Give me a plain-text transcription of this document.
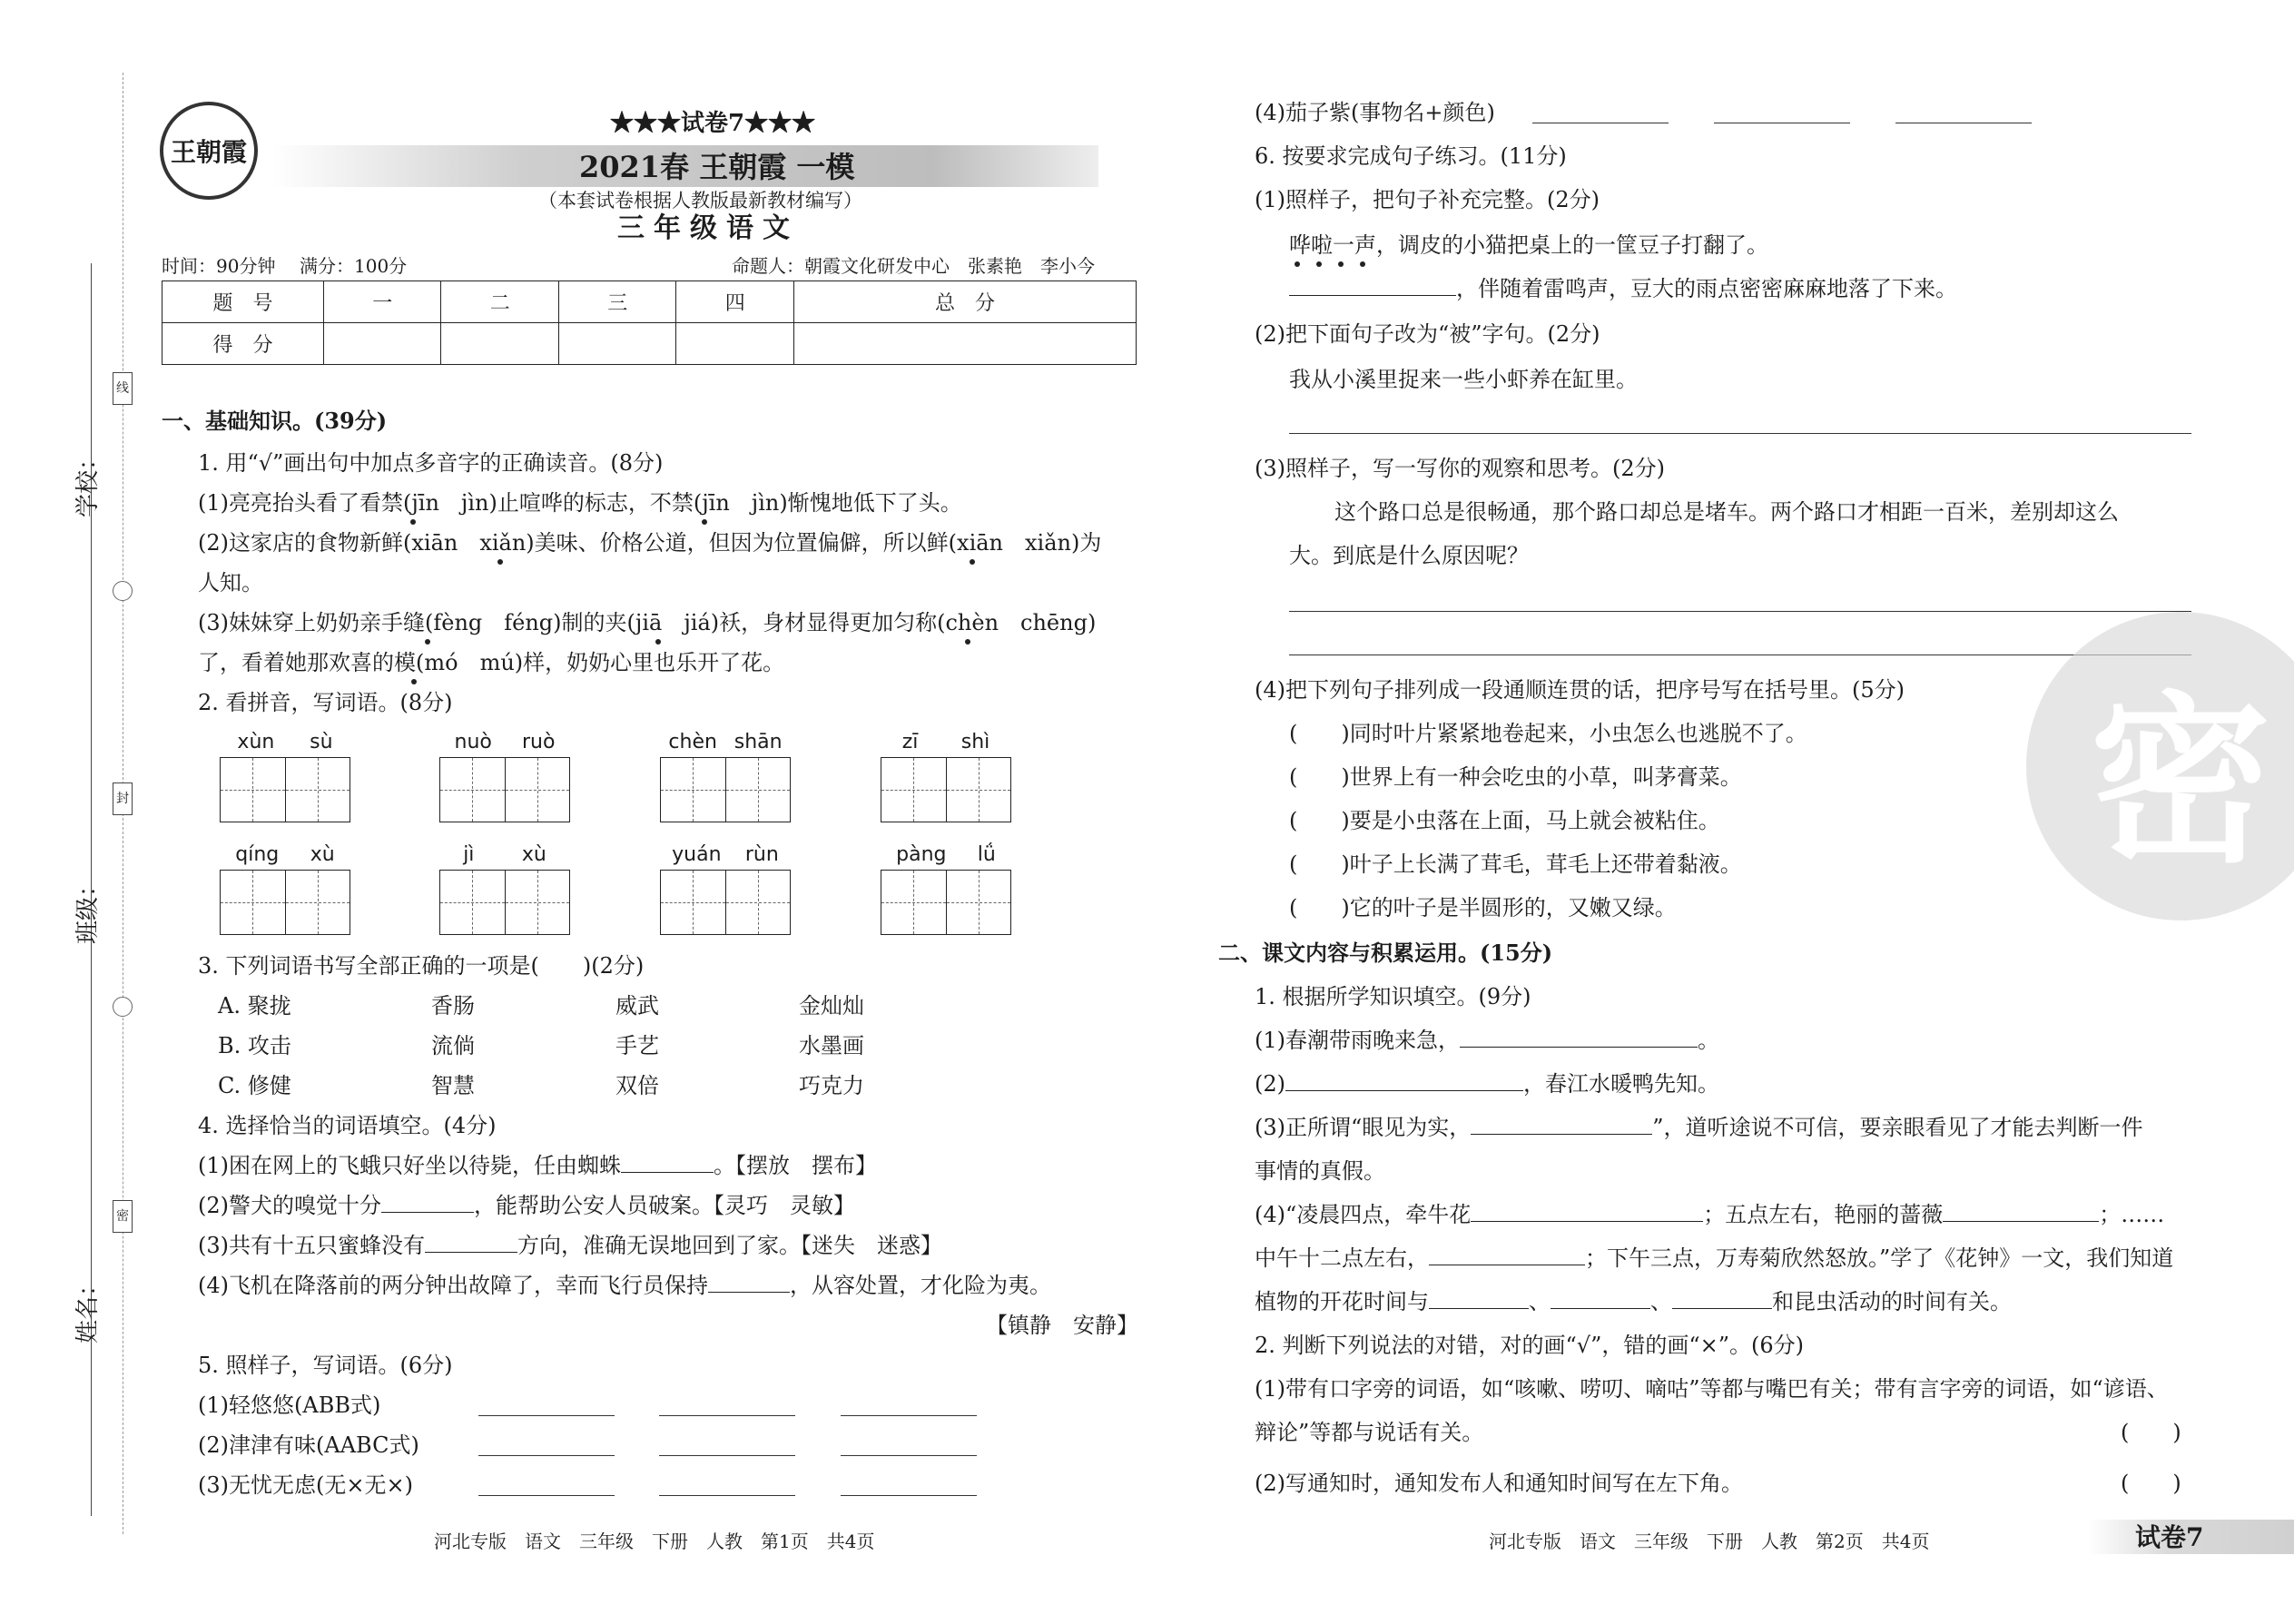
线
封
密
学校：
班级：
姓名：
王朝霞
★★★试卷7★★★
2021春 王朝霞 一模
（本套试卷根据人教版最新教材编写）
三年级语文
时间：90分钟 满分：100分	命题人：朝霞文化研发中心　张素艳　李小今
题　号	一	二	三	四	总　分
得　分					
一、基础知识。(39分)
1. 用“√”画出句中加点多音字的正确读音。(8分)
(1)亮亮抬头看了看禁(jīn　jìn)止喧哗的标志，不禁(jīn　jìn)惭愧地低下了头。
(2)这家店的食物新鲜(xiān　xiǎn)美味、价格公道，但因为位置偏僻，所以鲜(xiān　xiǎn)为
人知。
(3)妹妹穿上奶奶亲手缝(fèng　féng)制的夹(jiā　jiá)袄，身材显得更加匀称(chèn　chēng)
了，看着她那欢喜的模(mó　mú)样，奶奶心里也乐开了花。
2. 看拼音，写词语。(8分)
xùn sù	nuò ruò	chèn shān	zī shì
qíng xù	jì xù	yuán rùn	pàng lǘ
3. 下列词语书写全部正确的一项是(　　)(2分)
A. 聚拢	香肠	威武	金灿灿
B. 攻击	流倘	手艺	水墨画
C. 修健	智慧	双倍	巧克力
4. 选择恰当的词语填空。(4分)
(1)困在网上的飞蛾只好坐以待毙，任由蜘蛛	。【摆放　摆布】
(2)警犬的嗅觉十分	，能帮助公安人员破案。【灵巧　灵敏】
(3)共有十五只蜜蜂没有	方向，准确无误地回到了家。【迷失　迷惑】
(4)飞机在降落前的两分钟出故障了，幸而飞行员保持	，从容处置，才化险为夷。
【镇静　安静】
5. 照样子，写词语。(6分)
(1)轻悠悠(ABB式)
(2)津津有味(AABC式)
(3)无忧无虑(无×无×)
河北专版　语文　三年级　下册　人教　第1页　共4页
(4)茄子紫(事物名+颜色)
6. 按要求完成句子练习。(11分)
(1)照样子，把句子补充完整。(2分)
哗啦一声，调皮的小猫把桌上的一筐豆子打翻了。
，伴随着雷鸣声，豆大的雨点密密麻麻地落了下来。
(2)把下面句子改为“被”字句。(2分)
我从小溪里捉来一些小虾养在缸里。
(3)照样子，写一写你的观察和思考。(2分)
这个路口总是很畅通，那个路口却总是堵车。两个路口才相距一百米，差别却这么
大。到底是什么原因呢？
(4)把下列句子排列成一段通顺连贯的话，把序号写在括号里。(5分)
(　　)同时叶片紧紧地卷起来，小虫怎么也逃脱不了。
(　　)世界上有一种会吃虫的小草，叫茅膏菜。
(　　)要是小虫落在上面，马上就会被粘住。
(　　)叶子上长满了茸毛，茸毛上还带着黏液。
(　　)它的叶子是半圆形的，又嫩又绿。
二、课文内容与积累运用。(15分)
1. 根据所学知识填空。(9分)
(1)春潮带雨晚来急，	。
(2)	，春江水暖鸭先知。
(3)正所谓“眼见为实，	”，道听途说不可信，要亲眼看见了才能去判断一件
事情的真假。
(4)“凌晨四点，牵牛花	；五点左右，艳丽的蔷薇	；……
中午十二点左右，	；下午三点，万寿菊欣然怒放。”学了《花钟》一文，我们知道
植物的开花时间与	、	、	和昆虫活动的时间有关。
2. 判断下列说法的对错，对的画“√”，错的画“×”。(6分)
(1)带有口字旁的词语，如“咳嗽、唠叨、嘀咕”等都与嘴巴有关；带有言字旁的词语，如“谚语、
辩论”等都与说话有关。	(　　)
(2)写通知时，通知发布人和通知时间写在左下角。	(　　)
密
河北专版　语文　三年级　下册　人教　第2页　共4页	试卷7
